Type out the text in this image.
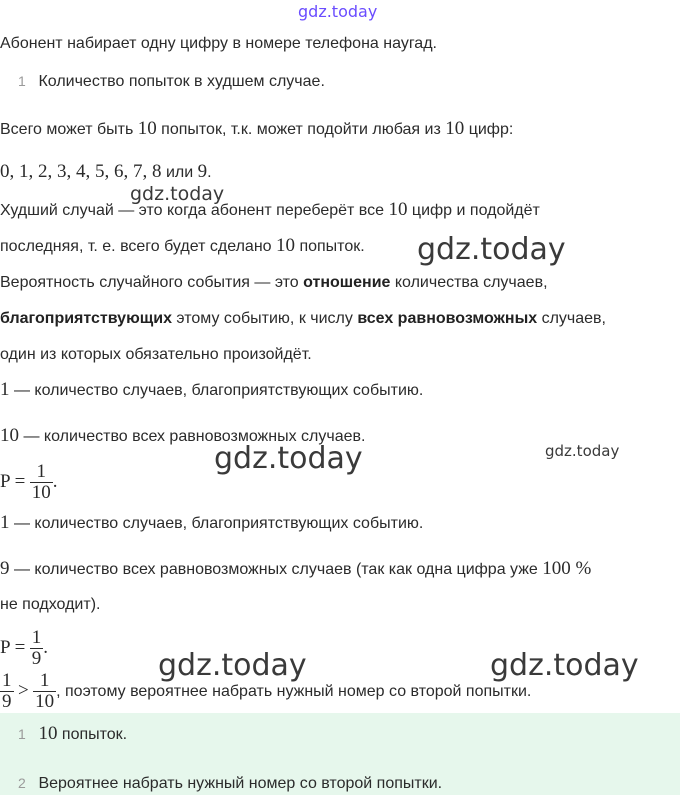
gdz.today
gdz.today
gdz.today
gdz.today	gdz.today
gdz.today	gdz.today
Абонент набирает одну цифру в номере телефона наугад.
1 Количество попыток в худшем случае.
Всего может быть 10 попыток, т.к. может подойти любая из 10 цифр:
0, 1, 2, 3, 4, 5, 6, 7, 8 или 9.
Худший случай — это когда абонент переберёт все 10 цифр и подойдёт
последняя, т. е. всего будет сделано 10 попыток.
Вероятность случайного события — это отношение количества случаев,
благоприятствующих этому событию, к числу всех равновозможных случаев,
один из которых обязательно произойдёт.
1 — количество случаев, благоприятствующих событию.
10 — количество всех равновозможных случаев.
$P = \frac{1}{10}$ .
1 — количество случаев, благоприятствующих событию.
9 — количество всех равновозможных случаев (так как одна цифра уже 100 %
не подходит).
$P = \frac{1}{9}$ .
$\frac{1}{9} > \frac{1}{10}$ , поэтому вероятнее набрать нужный номер со второй попытки.
1 10 попыток.
2 Вероятнее набрать нужный номер со второй попытки.
